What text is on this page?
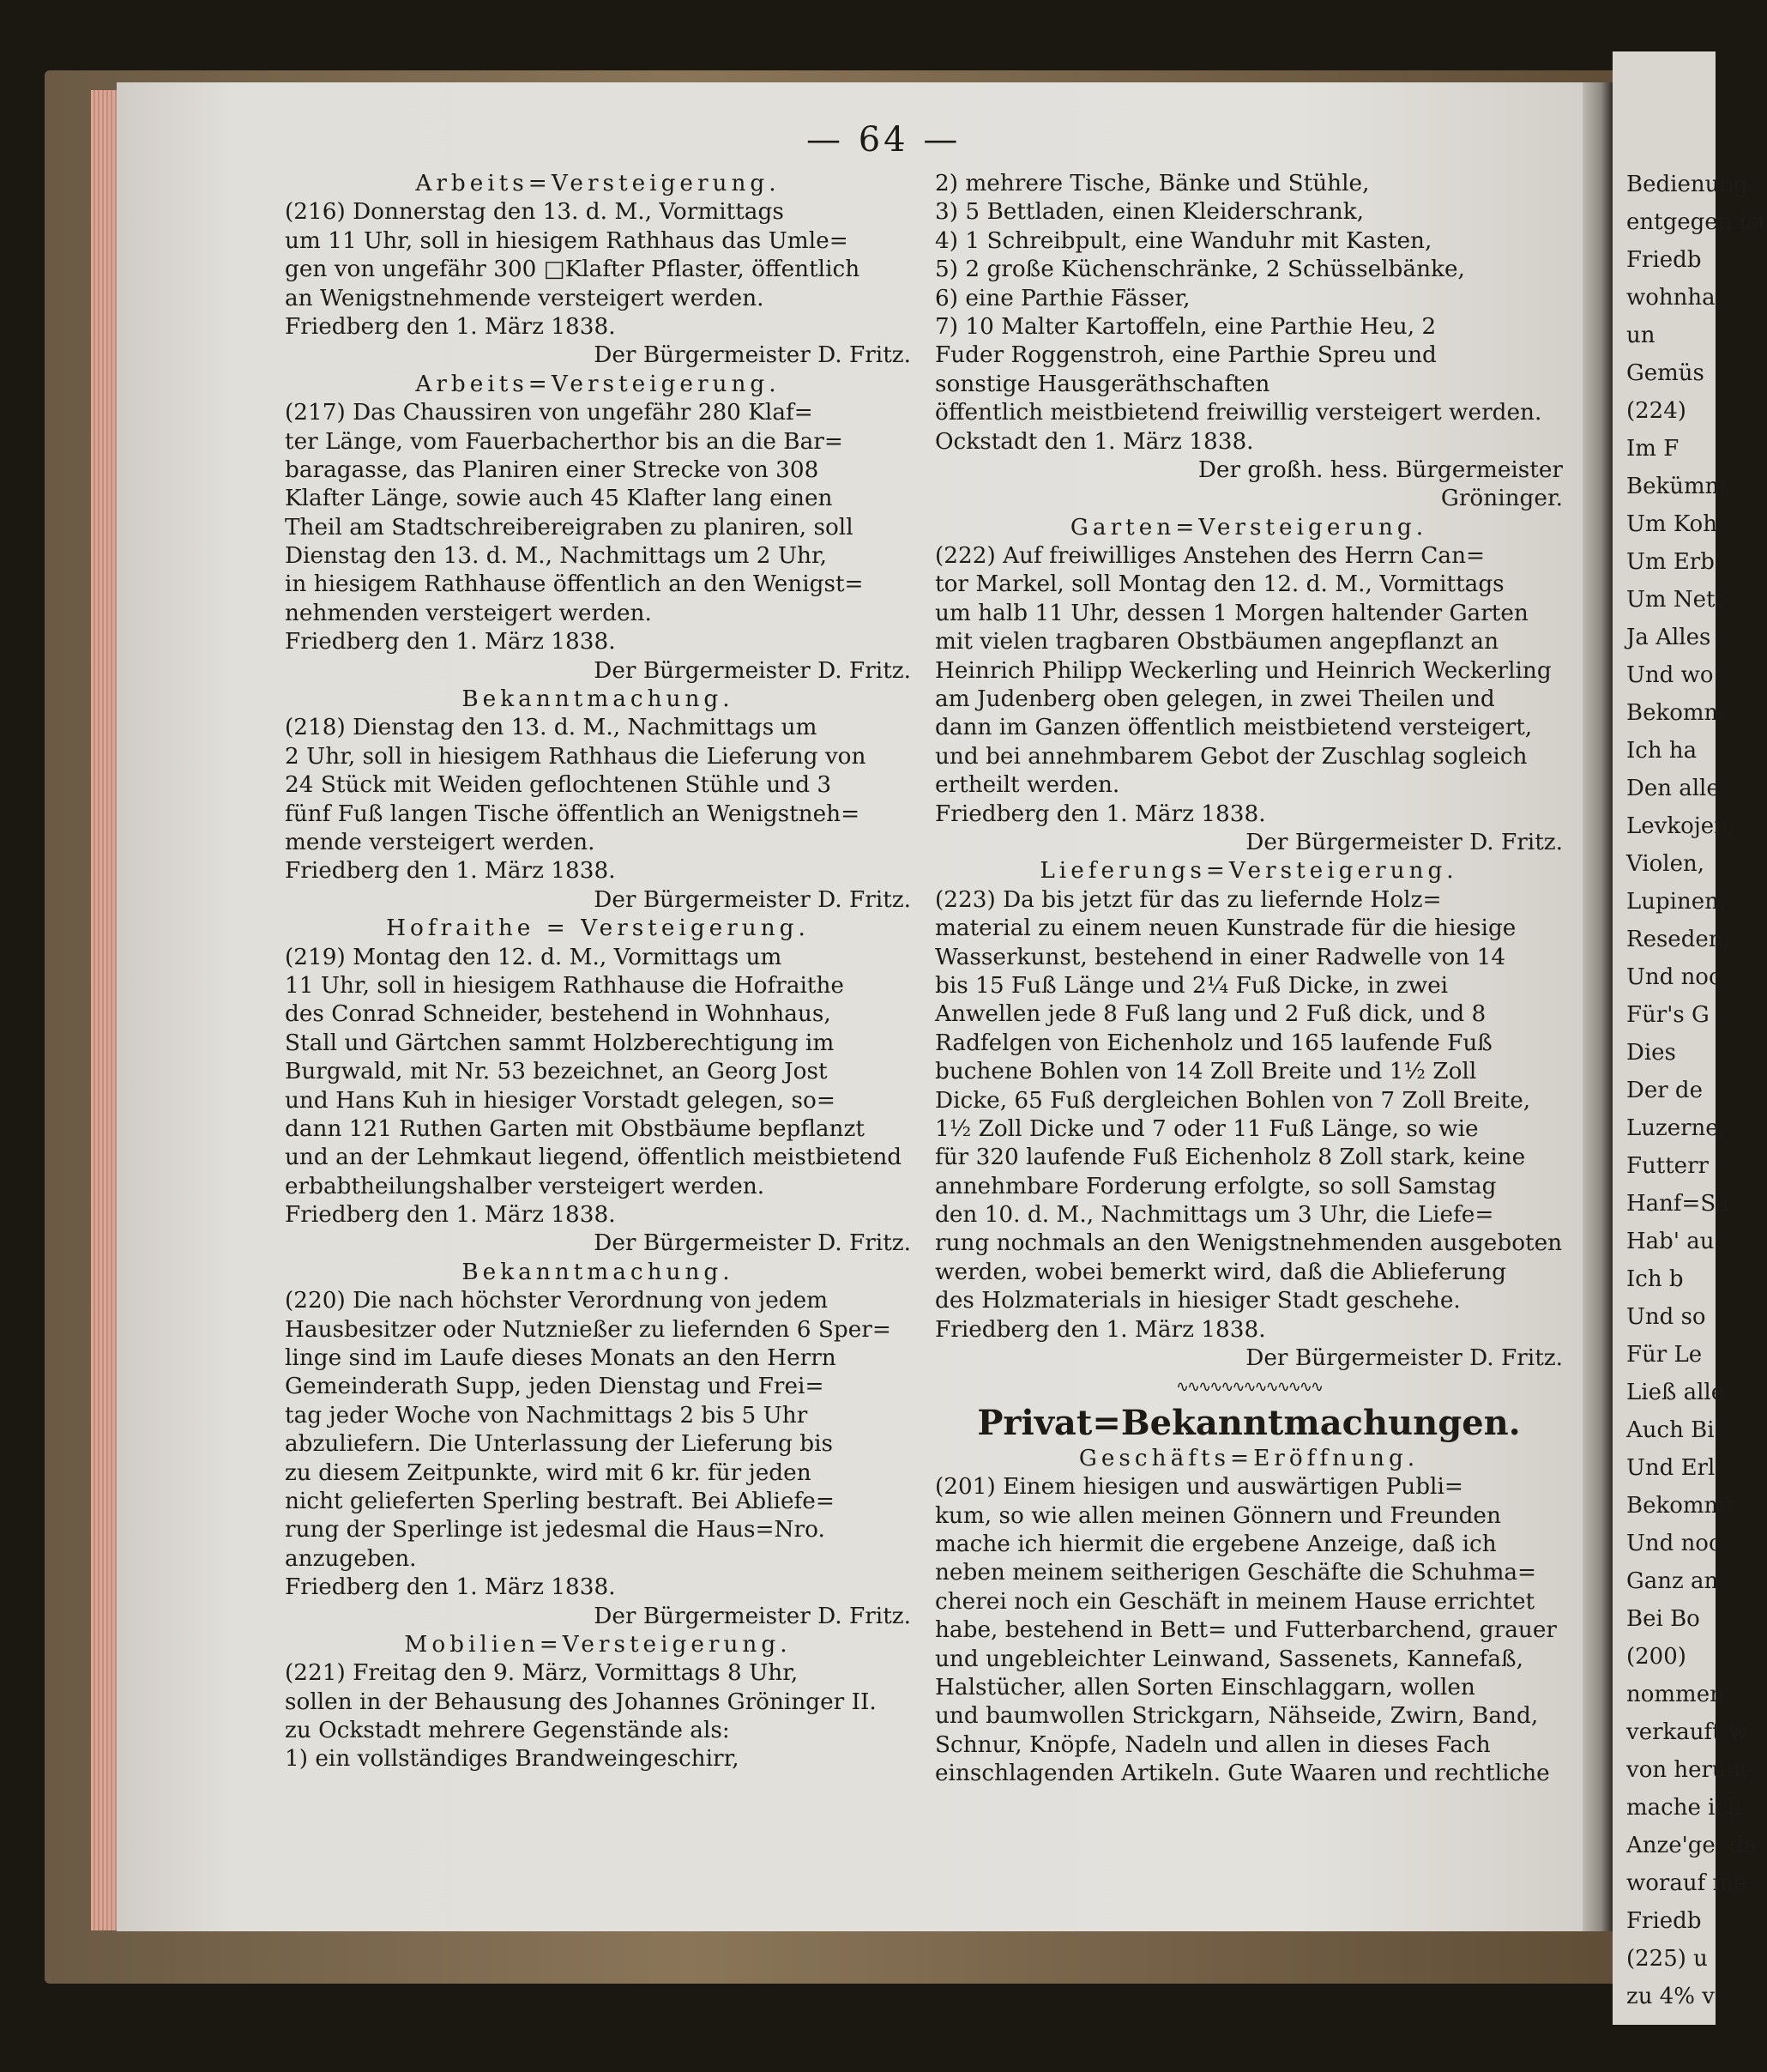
Bedienung
entgegen ist
Friedb
wohnha
un
Gemüs
(224)
Im F
Bekümm
Um Koh
Um Erb
Um Nett
Ja Alles
Und wo
Bekomm
Ich ha
Den alle
Levkojen,
Violen,
Lupinen,
Reseden,
Und noc
Für's G
Dies
Der de
Luzerne,
Futterr
Hanf=Sa
Hab' au
Ich b
Und so
Für Le
Ließ alle
Auch Bi
Und Erl
Bekommt
Und noc
Ganz an
Bei Bo
(200)
nommen
verkauft w
von herum
mache ich
Anze'ge, da
worauf me
Friedb
(225) u
zu 4% v
— 64 —
Arbeits=Versteigerung.
(216) Donnerstag den 13. d. M., Vormittags
um 11 Uhr, soll in hiesigem Rathhaus das Umle=
gen von ungefähr 300 □Klafter Pflaster, öffentlich
an Wenigstnehmende versteigert werden.
Friedberg den 1. März 1838.
Der Bürgermeister D. Fritz.
Arbeits=Versteigerung.
(217) Das Chaussiren von ungefähr 280 Klaf=
ter Länge, vom Fauerbacherthor bis an die Bar=
baragasse, das Planiren einer Strecke von 308
Klafter Länge, sowie auch 45 Klafter lang einen
Theil am Stadtschreibereigraben zu planiren, soll
Dienstag den 13. d. M., Nachmittags um 2 Uhr,
in hiesigem Rathhause öffentlich an den Wenigst=
nehmenden versteigert werden.
Friedberg den 1. März 1838.
Der Bürgermeister D. Fritz.
Bekanntmachung.
(218) Dienstag den 13. d. M., Nachmittags um
2 Uhr, soll in hiesigem Rathhaus die Lieferung von
24 Stück mit Weiden geflochtenen Stühle und 3
fünf Fuß langen Tische öffentlich an Wenigstneh=
mende versteigert werden.
Friedberg den 1. März 1838.
Der Bürgermeister D. Fritz.
Hofraithe = Versteigerung.
(219) Montag den 12. d. M., Vormittags um
11 Uhr, soll in hiesigem Rathhause die Hofraithe
des Conrad Schneider, bestehend in Wohnhaus,
Stall und Gärtchen sammt Holzberechtigung im
Burgwald, mit Nr. 53 bezeichnet, an Georg Jost
und Hans Kuh in hiesiger Vorstadt gelegen, so=
dann 121 Ruthen Garten mit Obstbäume bepflanzt
und an der Lehmkaut liegend, öffentlich meistbietend
erbabtheilungshalber versteigert werden.
Friedberg den 1. März 1838.
Der Bürgermeister D. Fritz.
Bekanntmachung.
(220) Die nach höchster Verordnung von jedem
Hausbesitzer oder Nutznießer zu liefernden 6 Sper=
linge sind im Laufe dieses Monats an den Herrn
Gemeinderath Supp, jeden Dienstag und Frei=
tag jeder Woche von Nachmittags 2 bis 5 Uhr
abzuliefern. Die Unterlassung der Lieferung bis
zu diesem Zeitpunkte, wird mit 6 kr. für jeden
nicht gelieferten Sperling bestraft. Bei Abliefe=
rung der Sperlinge ist jedesmal die Haus=Nro.
anzugeben.
Friedberg den 1. März 1838.
Der Bürgermeister D. Fritz.
Mobilien=Versteigerung.
(221) Freitag den 9. März, Vormittags 8 Uhr,
sollen in der Behausung des Johannes Gröninger II.
zu Ockstadt mehrere Gegenstände als:
1) ein vollständiges Brandweingeschirr,
2) mehrere Tische, Bänke und Stühle,
3) 5 Bettladen, einen Kleiderschrank,
4) 1 Schreibpult, eine Wanduhr mit Kasten,
5) 2 große Küchenschränke, 2 Schüsselbänke,
6) eine Parthie Fässer,
7) 10 Malter Kartoffeln, eine Parthie Heu, 2
Fuder Roggenstroh, eine Parthie Spreu und
sonstige Hausgeräthschaften
öffentlich meistbietend freiwillig versteigert werden.
Ockstadt den 1. März 1838.
Der großh. hess. Bürgermeister
Gröninger.
Garten=Versteigerung.
(222) Auf freiwilliges Anstehen des Herrn Can=
tor Markel, soll Montag den 12. d. M., Vormittags
um halb 11 Uhr, dessen 1 Morgen haltender Garten
mit vielen tragbaren Obstbäumen angepflanzt an
Heinrich Philipp Weckerling und Heinrich Weckerling
am Judenberg oben gelegen, in zwei Theilen und
dann im Ganzen öffentlich meistbietend versteigert,
und bei annehmbarem Gebot der Zuschlag sogleich
ertheilt werden.
Friedberg den 1. März 1838.
Der Bürgermeister D. Fritz.
Lieferungs=Versteigerung.
(223) Da bis jetzt für das zu liefernde Holz=
material zu einem neuen Kunstrade für die hiesige
Wasserkunst, bestehend in einer Radwelle von 14
bis 15 Fuß Länge und 2¼ Fuß Dicke, in zwei
Anwellen jede 8 Fuß lang und 2 Fuß dick, und 8
Radfelgen von Eichenholz und 165 laufende Fuß
buchene Bohlen von 14 Zoll Breite und 1½ Zoll
Dicke, 65 Fuß dergleichen Bohlen von 7 Zoll Breite,
1½ Zoll Dicke und 7 oder 11 Fuß Länge, so wie
für 320 laufende Fuß Eichenholz 8 Zoll stark, keine
annehmbare Forderung erfolgte, so soll Samstag
den 10. d. M., Nachmittags um 3 Uhr, die Liefe=
rung nochmals an den Wenigstnehmenden ausgeboten
werden, wobei bemerkt wird, daß die Ablieferung
des Holzmaterials in hiesiger Stadt geschehe.
Friedberg den 1. März 1838.
Der Bürgermeister D. Fritz.
∿∿∿∿∿∿∿∿∿∿∿∿∿
Privat=Bekanntmachungen.
Geschäfts=Eröffnung.
(201) Einem hiesigen und auswärtigen Publi=
kum, so wie allen meinen Gönnern und Freunden
mache ich hiermit die ergebene Anzeige, daß ich
neben meinem seitherigen Geschäfte die Schuhma=
cherei noch ein Geschäft in meinem Hause errichtet
habe, bestehend in Bett= und Futterbarchend, grauer
und ungebleichter Leinwand, Sassenets, Kannefaß,
Halstücher, allen Sorten Einschlaggarn, wollen
und baumwollen Strickgarn, Nähseide, Zwirn, Band,
Schnur, Knöpfe, Nadeln und allen in dieses Fach
einschlagenden Artikeln. Gute Waaren und rechtliche
